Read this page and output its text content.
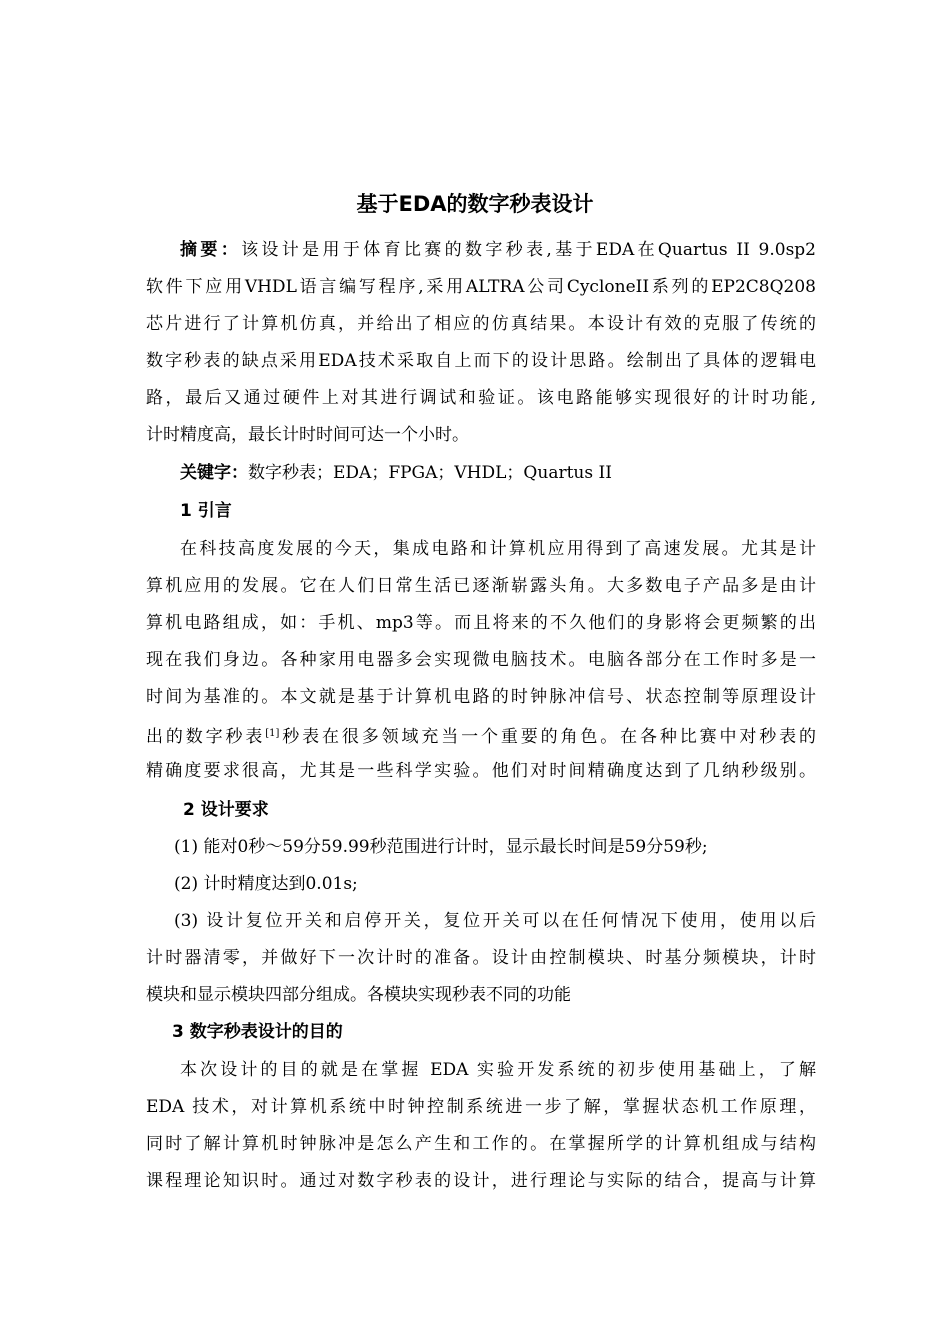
基于EDA的数字秒表设计
摘要：该设计是用于体育比赛的数字秒表,基于EDA在Quartus II 9.0sp2
软件下应用VHDL语言编写程序,采用ALTRA公司CycloneII系列的EP2C8Q208
芯片进行了计算机仿真，并给出了相应的仿真结果。本设计有效的克服了传统的
数字秒表的缺点采用EDA技术采取自上而下的设计思路。绘制出了具体的逻辑电
路，最后又通过硬件上对其进行调试和验证。该电路能够实现很好的计时功能,
计时精度高，最长计时时间可达一个小时。
关键字：数字秒表；EDA；FPGA；VHDL；Quartus II
1 引言
在科技高度发展的今天，集成电路和计算机应用得到了高速发展。尤其是计
算机应用的发展。它在人们日常生活已逐渐崭露头角。大多数电子产品多是由计
算机电路组成，如：手机、mp3等。而且将来的不久他们的身影将会更频繁的出
现在我们身边。各种家用电器多会实现微电脑技术。电脑各部分在工作时多是一
时间为基准的。本文就是基于计算机电路的时钟脉冲信号、状态控制等原理设计
出的数字秒表[1]秒表在很多领域充当一个重要的角色。在各种比赛中对秒表的
精确度要求很高，尤其是一些科学实验。他们对时间精确度达到了几纳秒级别。
2 设计要求
(1) 能对0秒～59分59.99秒范围进行计时，显示最长时间是59分59秒;
(2) 计时精度达到0.01s;
(3) 设计复位开关和启停开关，复位开关可以在任何情况下使用，使用以后
计时器清零，并做好下一次计时的准备。设计由控制模块、时基分频模块，计时
模块和显示模块四部分组成。各模块实现秒表不同的功能
3 数字秒表设计的目的
本次设计的目的就是在掌握 EDA 实验开发系统的初步使用基础上，了解
EDA 技术，对计算机系统中时钟控制系统进一步了解，掌握状态机工作原理，
同时了解计算机时钟脉冲是怎么产生和工作的。在掌握所学的计算机组成与结构
课程理论知识时。通过对数字秒表的设计，进行理论与实际的结合，提高与计算
